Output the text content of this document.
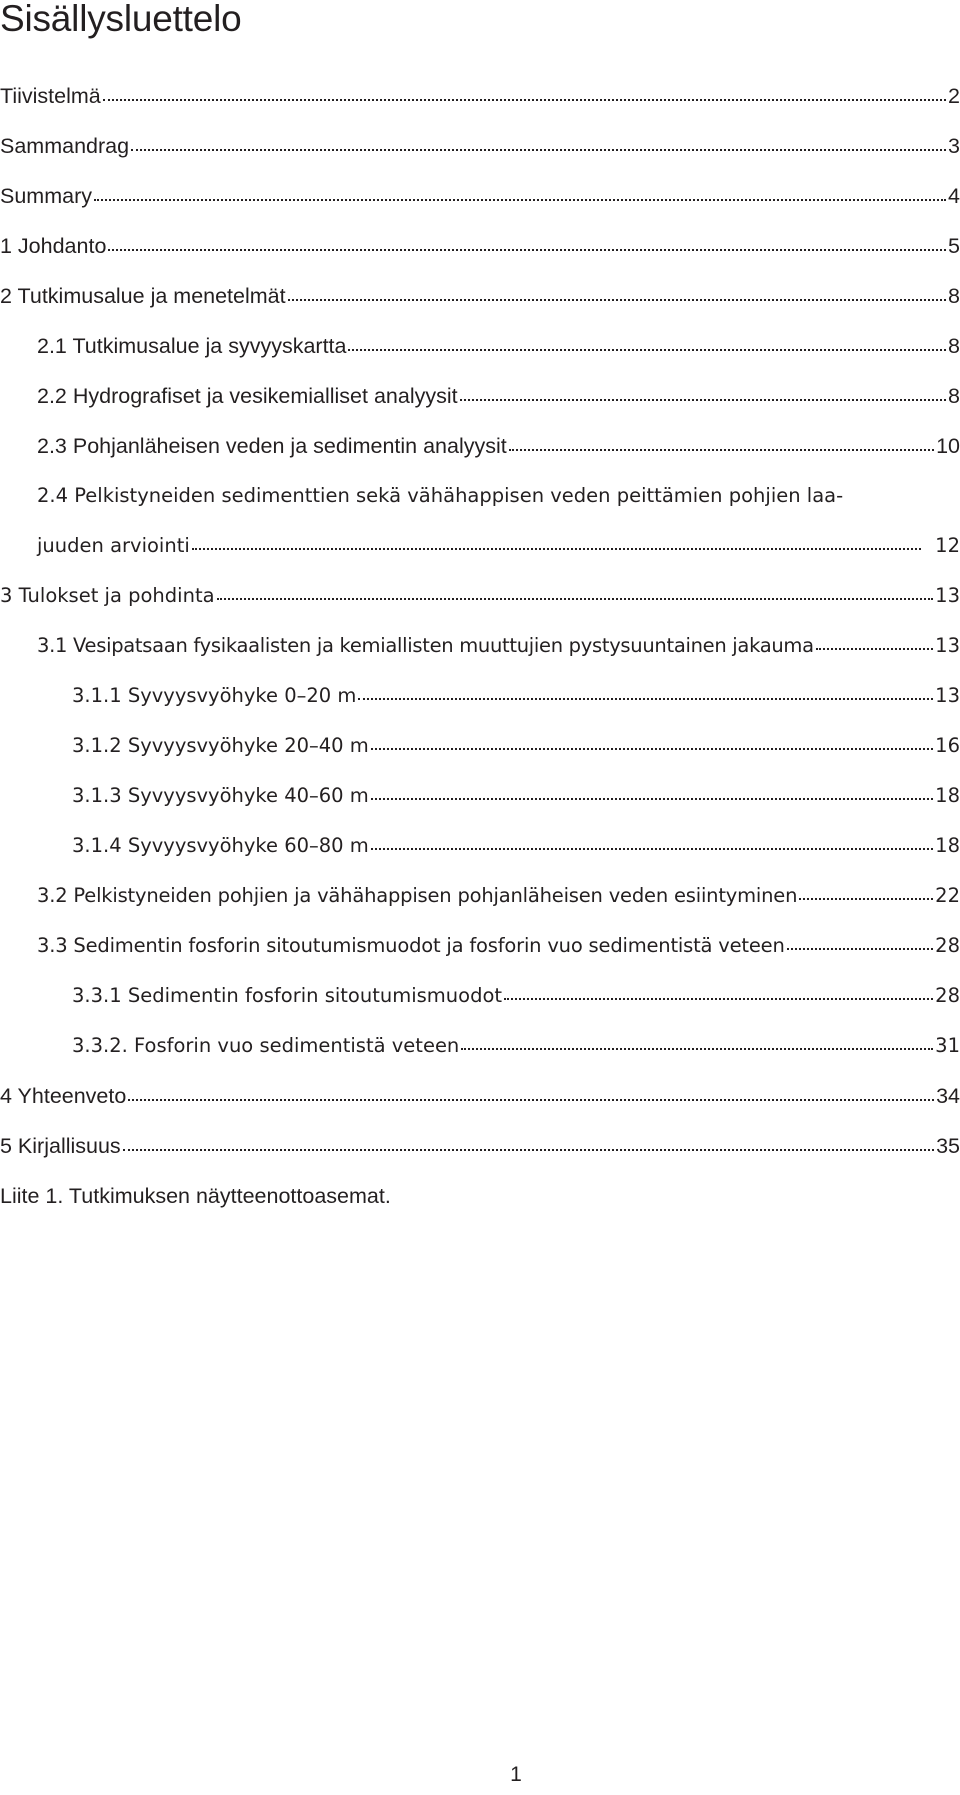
Sisällysluettelo
Tiivistelmä	2
Sammandrag	3
Summary	4
1 Johdanto	5
2 Tutkimusalue ja menetelmät	8
2.1 Tutkimusalue ja syvyyskartta	8
2.2 Hydrografiset ja vesikemialliset analyysit	8
2.3 Pohjanläheisen veden ja sedimentin analyysit	10
2.4 Pelkistyneiden sedimenttien sekä vähähappisen veden peittämien pohjien laa-
juuden arviointi	12
3 Tulokset ja pohdinta	13
3.1 Vesipatsaan fysikaalisten ja kemiallisten muuttujien pystysuuntainen jakauma	13
3.1.1 Syvyysvyöhyke 0–20 m	13
3.1.2 Syvyysvyöhyke 20–40 m	16
3.1.3 Syvyysvyöhyke 40–60 m	18
3.1.4 Syvyysvyöhyke 60–80 m	18
3.2 Pelkistyneiden pohjien ja vähähappisen pohjanläheisen veden esiintyminen	22
3.3 Sedimentin fosforin sitoutumismuodot ja fosforin vuo sedimentistä veteen	28
3.3.1 Sedimentin fosforin sitoutumismuodot	28
3.3.2. Fosforin vuo sedimentistä veteen	31
4 Yhteenveto	34
5 Kirjallisuus	35
Liite 1. Tutkimuksen näytteenottoasemat.
1
